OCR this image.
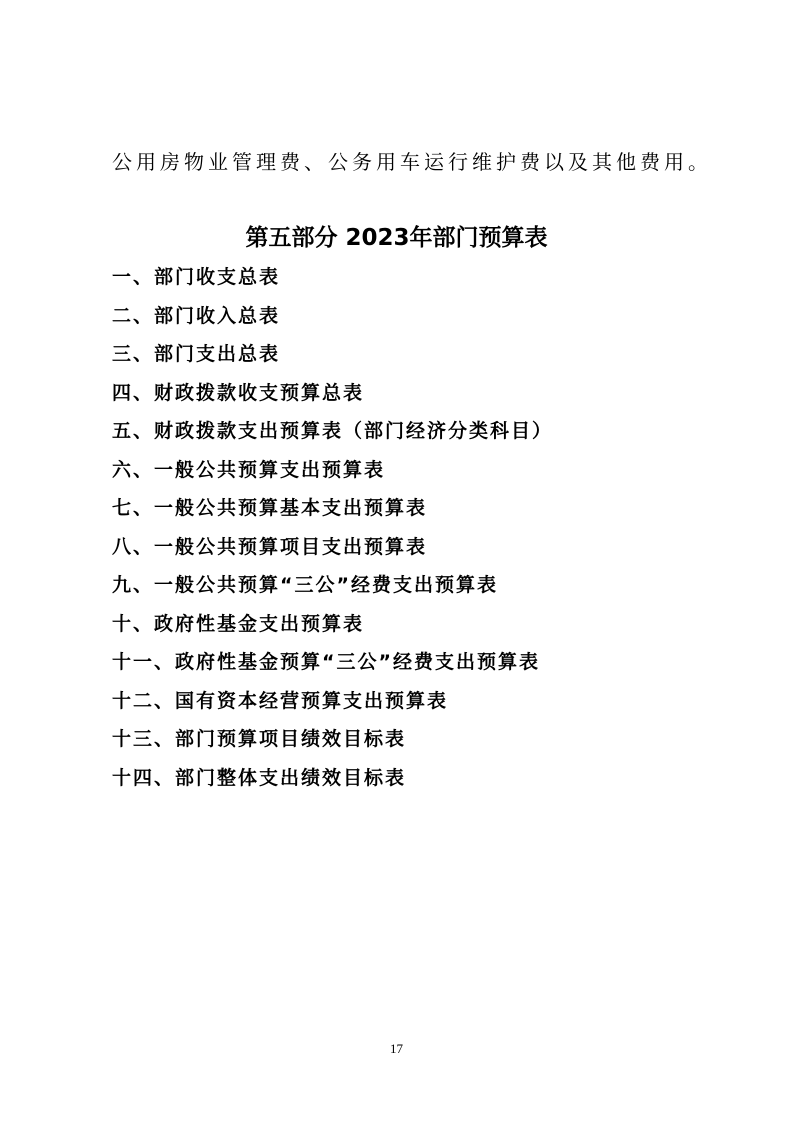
公用房物业管理费、公务用车运行维护费以及其他费用。
第五部分 2023年部门预算表
一、部门收支总表
二、部门收入总表
三、部门支出总表
四、财政拨款收支预算总表
五、财政拨款支出预算表（部门经济分类科目）
六、一般公共预算支出预算表
七、一般公共预算基本支出预算表
八、一般公共预算项目支出预算表
九、一般公共预算“三公”经费支出预算表
十、政府性基金支出预算表
十一、政府性基金预算“三公”经费支出预算表
十二、国有资本经营预算支出预算表
十三、部门预算项目绩效目标表
十四、部门整体支出绩效目标表
17
